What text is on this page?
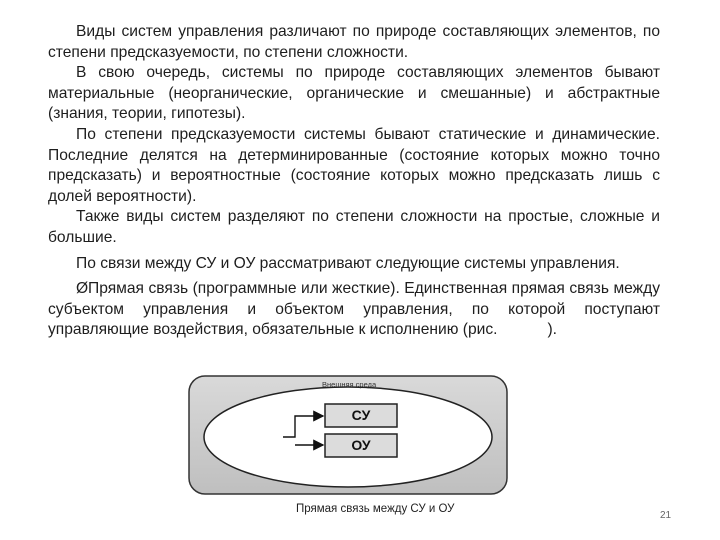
Виды систем управления различают по природе составляющих элементов, по степени предсказуемости, по степени сложности.

В свою очередь, системы по природе составляющих элементов бывают материальные (неорганические, органические и смешанные) и абстрактные (знания, теории, гипотезы).

По степени предсказуемости системы бывают статические и динамические. Последние делятся на детерминированные (состояние которых можно точно предсказать) и вероятностные (состояние которых можно предсказать лишь с долей вероятности).

Также виды систем разделяют по степени сложности на простые, сложные и большие.

По связи между СУ и ОУ рассматривают следующие системы управления.

ØПрямая связь (программные или жесткие). Единственная прямая связь между субъектом управления и объектом управления, по которой поступают управляющие воздействия, обязательные к исполнению (рис.	).

Внешняя среда
СУ
ОУ
Прямая связь между СУ и ОУ
21
